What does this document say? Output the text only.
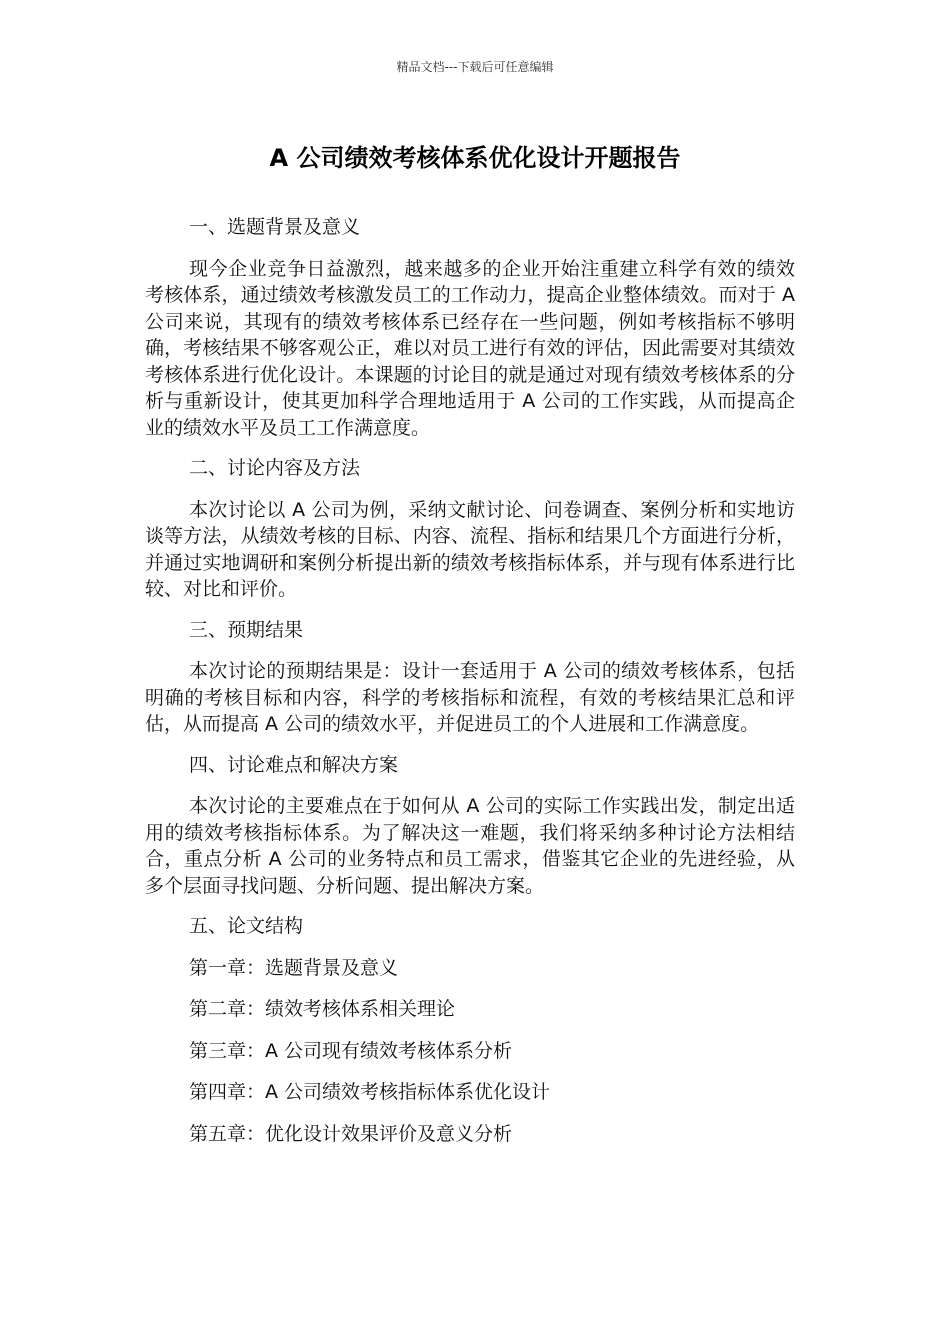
精品文档---下载后可任意编辑
A 公司绩效考核体系优化设计开题报告

一、选题背景及意义

现今企业竞争日益激烈，越来越多的企业开始注重建立科学有效的绩效考核体系，通过绩效考核激发员工的工作动力，提高企业整体绩效。而对于 A 公司来说，其现有的绩效考核体系已经存在一些问题，例如考核指标不够明确，考核结果不够客观公正，难以对员工进行有效的评估，因此需要对其绩效考核体系进行优化设计。本课题的讨论目的就是通过对现有绩效考核体系的分析与重新设计，使其更加科学合理地适用于 A 公司的工作实践，从而提高企业的绩效水平及员工工作满意度。

二、讨论内容及方法

本次讨论以 A 公司为例，采纳文献讨论、问卷调查、案例分析和实地访谈等方法，从绩效考核的目标、内容、流程、指标和结果几个方面进行分析，并通过实地调研和案例分析提出新的绩效考核指标体系，并与现有体系进行比较、对比和评价。

三、预期结果

本次讨论的预期结果是：设计一套适用于 A 公司的绩效考核体系，包括明确的考核目标和内容，科学的考核指标和流程，有效的考核结果汇总和评估，从而提高 A 公司的绩效水平，并促进员工的个人进展和工作满意度。

四、讨论难点和解决方案

本次讨论的主要难点在于如何从 A 公司的实际工作实践出发，制定出适用的绩效考核指标体系。为了解决这一难题，我们将采纳多种讨论方法相结合，重点分析 A 公司的业务特点和员工需求，借鉴其它企业的先进经验，从多个层面寻找问题、分析问题、提出解决方案。

五、论文结构

第一章：选题背景及意义
第二章：绩效考核体系相关理论
第三章：A 公司现有绩效考核体系分析
第四章：A 公司绩效考核指标体系优化设计
第五章：优化设计效果评价及意义分析
